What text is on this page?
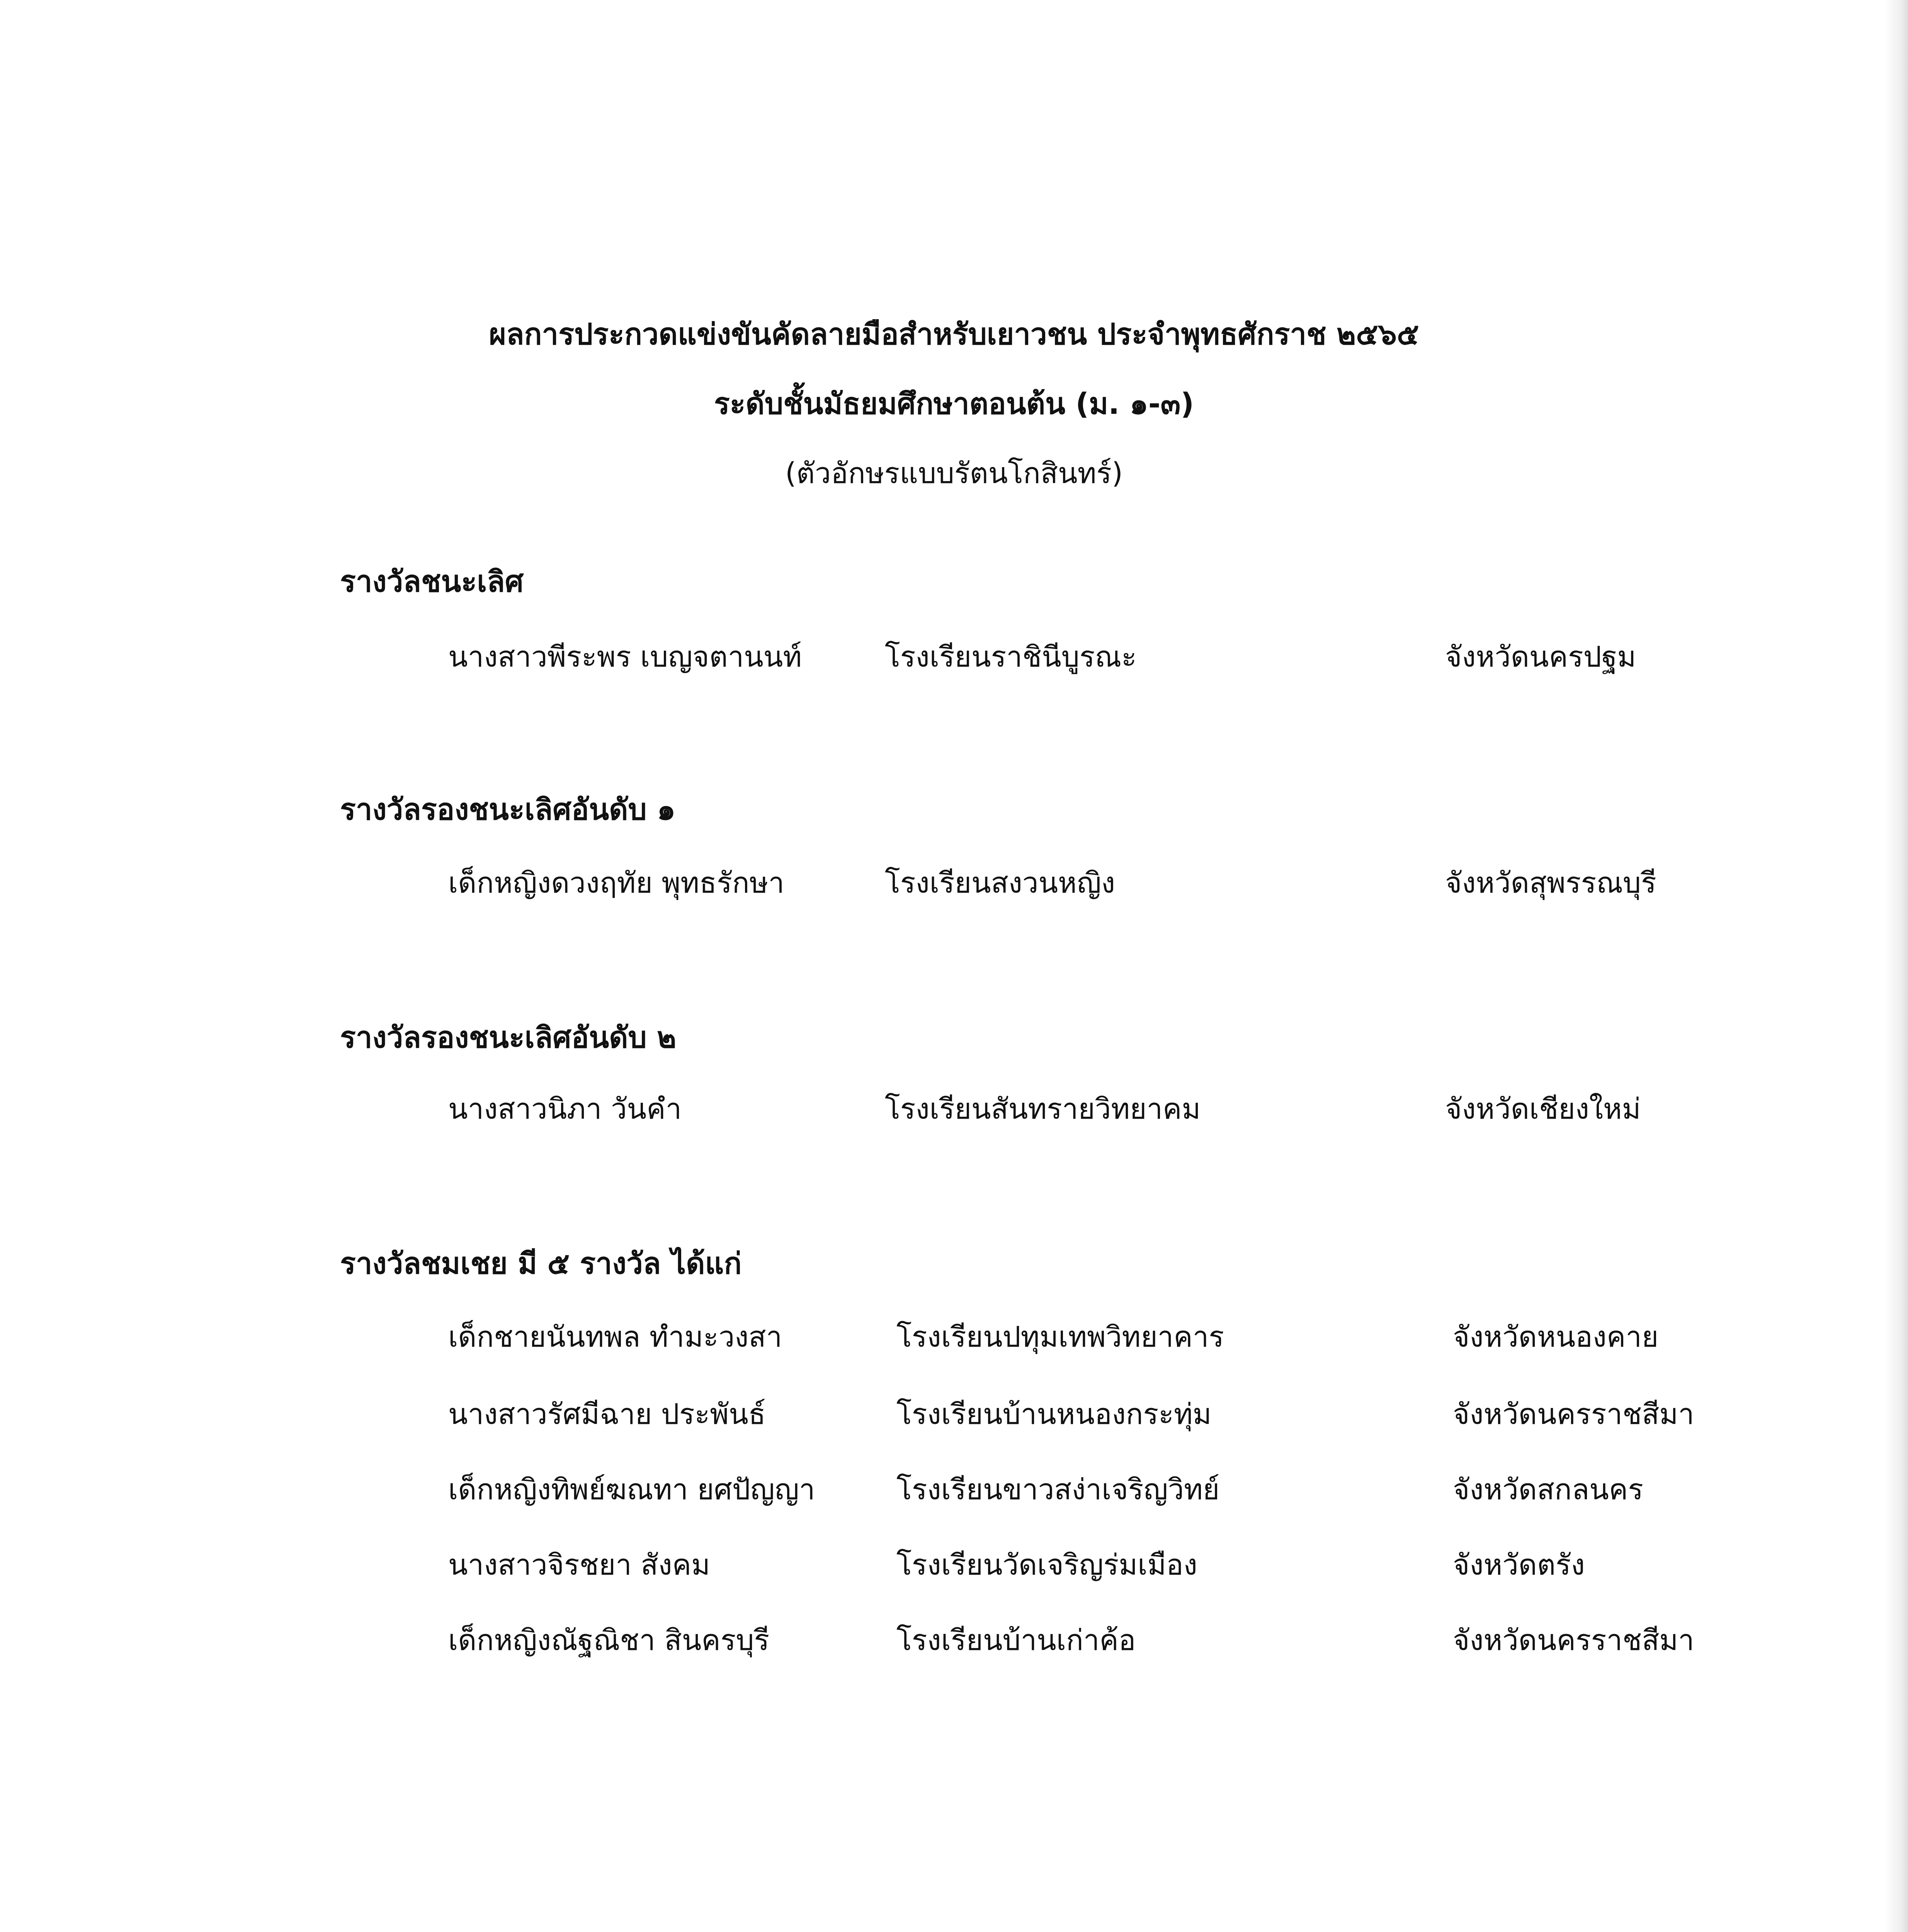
ผลการประกวดแข่งขันคัดลายมือสำหรับเยาวชน ประจำพุทธศักราช ๒๕๖๕
ระดับชั้นมัธยมศึกษาตอนต้น (ม. ๑-๓)
(ตัวอักษรแบบรัตนโกสินทร์)
รางวัลชนะเลิศ
นางสาวพีระพร เบญจตานนท์	โรงเรียนราชินีบูรณะ	จังหวัดนครปฐม
รางวัลรองชนะเลิศอันดับ ๑
เด็กหญิงดวงฤทัย พุทธรักษา	โรงเรียนสงวนหญิง	จังหวัดสุพรรณบุรี
รางวัลรองชนะเลิศอันดับ ๒
นางสาวนิภา วันคำ	โรงเรียนสันทรายวิทยาคม	จังหวัดเชียงใหม่
รางวัลชมเชย มี ๕ รางวัล ได้แก่
เด็กชายนันทพล ทำมะวงสา	โรงเรียนปทุมเทพวิทยาคาร	จังหวัดหนองคาย
นางสาวรัศมีฉาย ประพันธ์	โรงเรียนบ้านหนองกระทุ่ม	จังหวัดนครราชสีมา
เด็กหญิงทิพย์ฆณทา ยศปัญญา	โรงเรียนขาวสง่าเจริญวิทย์	จังหวัดสกลนคร
นางสาวจิรชยา สังคม	โรงเรียนวัดเจริญร่มเมือง	จังหวัดตรัง
เด็กหญิงณัฐณิชา สินครบุรี	โรงเรียนบ้านเก่าค้อ	จังหวัดนครราชสีมา
